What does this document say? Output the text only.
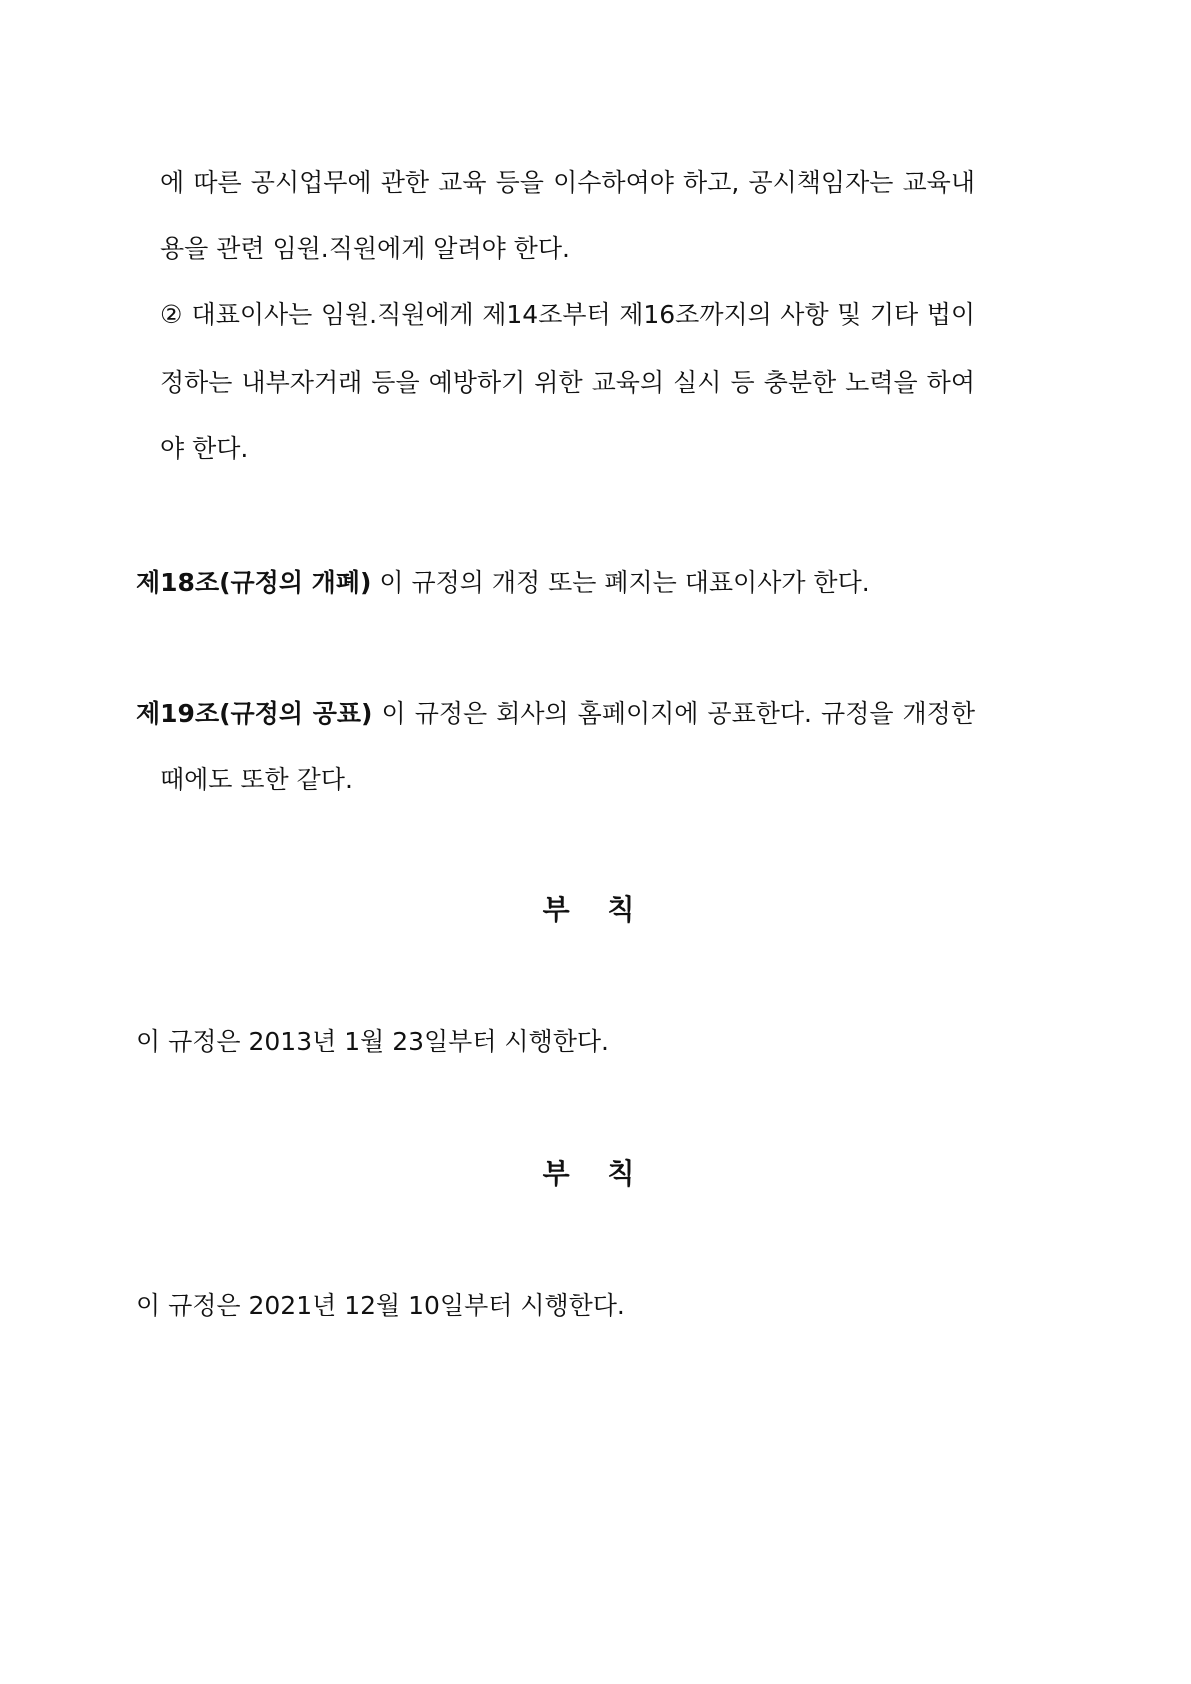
에 따른 공시업무에 관한 교육 등을 이수하여야 하고, 공시책임자는 교육내
용을 관련 임원.직원에게 알려야 한다.
② 대표이사는 임원.직원에게 제14조부터 제16조까지의 사항 및 기타 법이
정하는 내부자거래 등을 예방하기 위한 교육의 실시 등 충분한 노력을 하여
야 한다.
제18조(규정의 개폐) 이 규정의 개정 또는 폐지는 대표이사가 한다.
제19조(규정의 공표) 이 규정은 회사의 홈페이지에 공표한다. 규정을 개정한
때에도 또한 같다.
부 칙
이 규정은 2013년 1월 23일부터 시행한다.
부 칙
이 규정은 2021년 12월 10일부터 시행한다.
